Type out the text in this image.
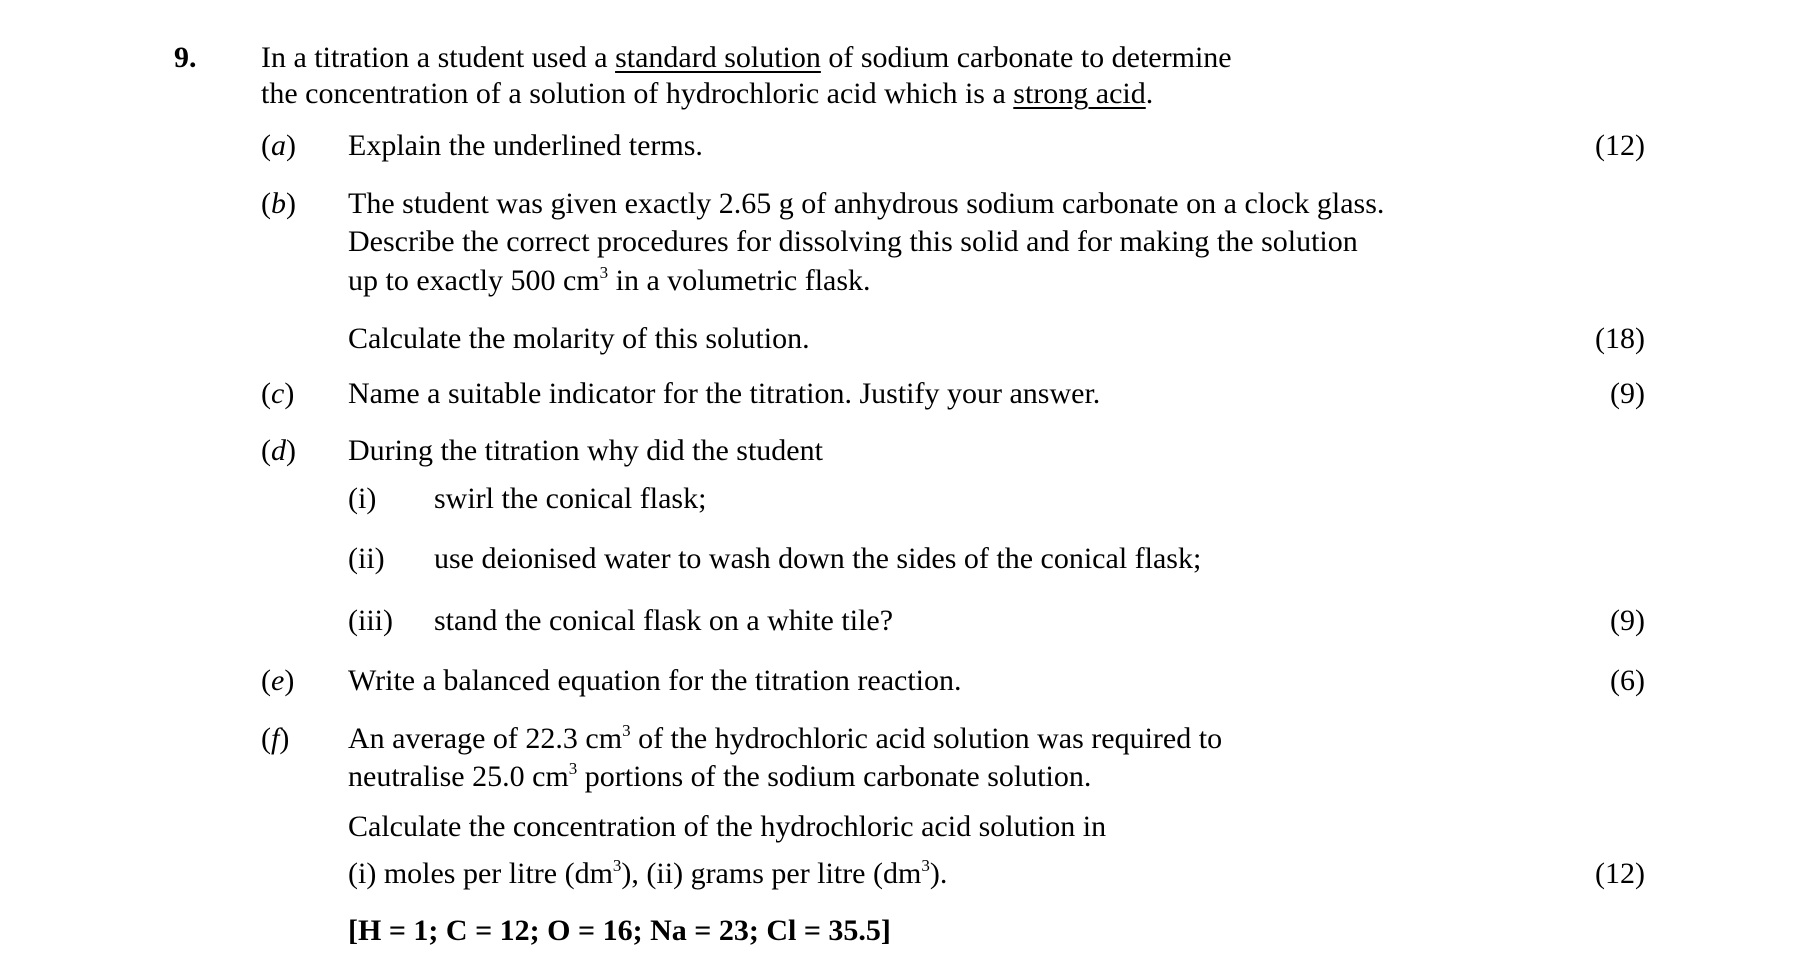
9. In a titration a student used a standard solution of sodium carbonate to determine
the concentration of a solution of hydrochloric acid which is a strong acid.
(a) Explain the underlined terms.	(12)
(b) The student was given exactly 2.65 g of anhydrous sodium carbonate on a clock glass.
Describe the correct procedures for dissolving this solid and for making the solution
up to exactly 500 $cm^3$ in a volumetric flask.
Calculate the molarity of this solution.	(18)
(c) Name a suitable indicator for the titration. Justify your answer.	(9)
(d) During the titration why did the student
(i) swirl the conical flask;
(ii) use deionised water to wash down the sides of the conical flask;
(iii) stand the conical flask on a white tile?	(9)
(e) Write a balanced equation for the titration reaction.	(6)
(f) An average of 22.3 $cm^3$ of the hydrochloric acid solution was required to
neutralise 25.0 $cm^3$ portions of the sodium carbonate solution.
Calculate the concentration of the hydrochloric acid solution in
(i) moles per litre $(dm^3)$, (ii) grams per litre $(dm^3)$.	(12)
[H = 1; C = 12; O = 16; Na = 23; Cl = 35.5]
